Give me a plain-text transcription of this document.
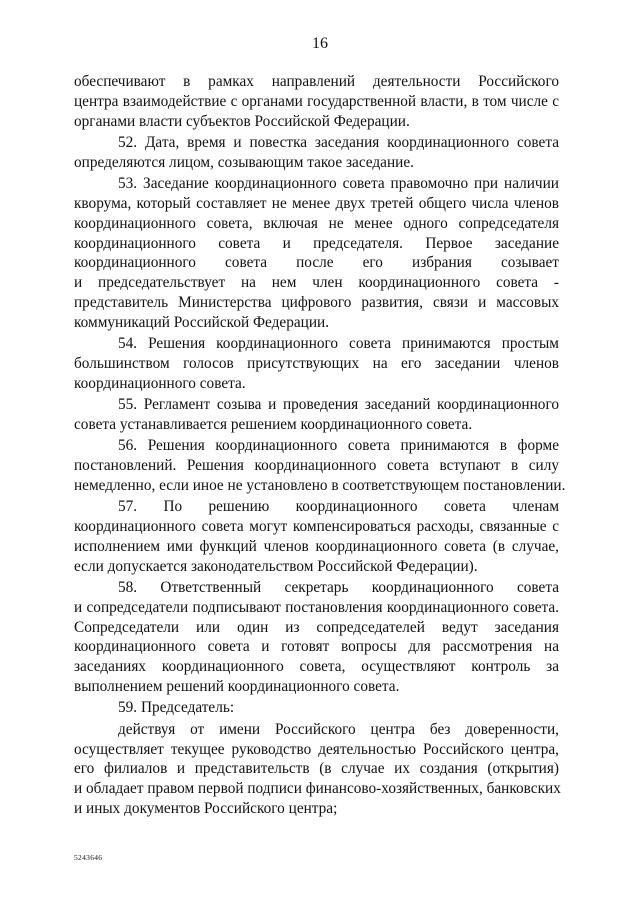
16
обеспечивают в рамках направлений деятельности Российского
центра взаимодействие с органами государственной власти, в том числе с
органами власти субъектов Российской Федерации.
52. Дата, время и повестка заседания координационного совета
определяются лицом, созывающим такое заседание.
53. Заседание координационного совета правомочно при наличии
кворума, который составляет не менее двух третей общего числа членов
координационного совета, включая не менее одного сопредседателя
координационного совета и председателя. Первое заседание
координационного совета после его избрания созывает
и председательствует на нем член координационного совета -
представитель Министерства цифрового развития, связи и массовых
коммуникаций Российской Федерации.
54. Решения координационного совета принимаются простым
большинством голосов присутствующих на его заседании членов
координационного совета.
55. Регламент созыва и проведения заседаний координационного
совета устанавливается решением координационного совета.
56. Решения координационного совета принимаются в форме
постановлений. Решения координационного совета вступают в силу
немедленно, если иное не установлено в соответствующем постановлении.
57. По решению координационного совета членам
координационного совета могут компенсироваться расходы, связанные с
исполнением ими функций членов координационного совета (в случае,
если допускается законодательством Российской Федерации).
58. Ответственный секретарь координационного совета
и сопредседатели подписывают постановления координационного совета.
Сопредседатели или один из сопредседателей ведут заседания
координационного совета и готовят вопросы для рассмотрения на
заседаниях координационного совета, осуществляют контроль за
выполнением решений координационного совета.
59. Председатель:
действуя от имени Российского центра без доверенности,
осуществляет текущее руководство деятельностью Российского центра,
его филиалов и представительств (в случае их создания (открытия)
и обладает правом первой подписи финансово-хозяйственных, банковских
и иных документов Российского центра;
5243646
